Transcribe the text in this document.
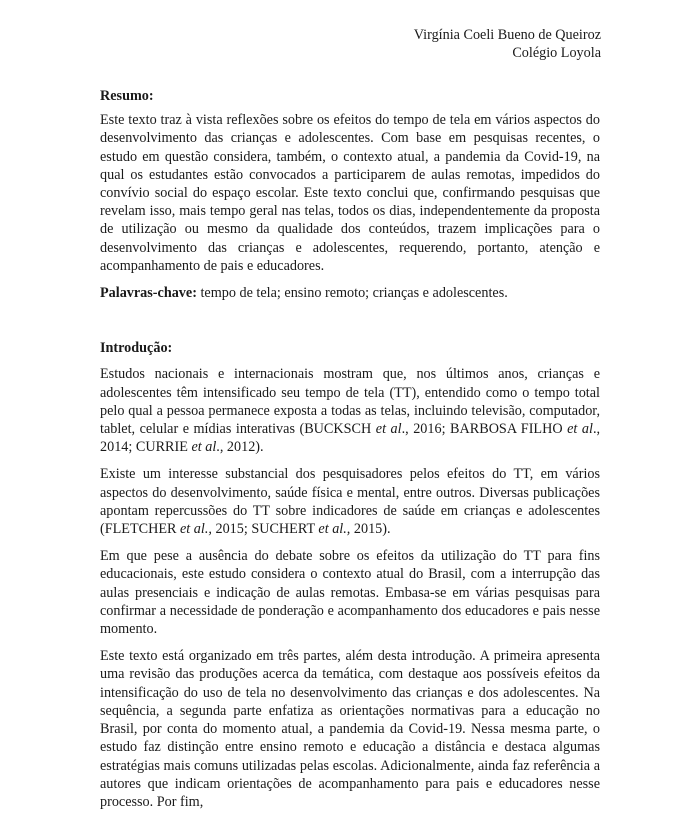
Virgínia Coeli Bueno de Queiroz
Colégio Loyola
Resumo:

Este texto traz à vista reflexões sobre os efeitos do tempo de tela em vários aspectos do desenvolvimento das crianças e adolescentes. Com base em pesquisas recentes, o estudo em questão considera, também, o contexto atual, a pandemia da Covid-19, na qual os estudantes estão convocados a participarem de aulas remotas, impedidos do convívio social do espaço escolar. Este texto conclui que, confirmando pesquisas que revelam isso, mais tempo geral nas telas, todos os dias, independentemente da proposta de utilização ou mesmo da qualidade dos conteúdos, trazem implicações para o desenvolvimento das crianças e adolescentes, requerendo, portanto, atenção e acompanhamento de pais e educadores.

Palavras-chave: tempo de tela; ensino remoto; crianças e adolescentes.

Introdução:

Estudos nacionais e internacionais mostram que, nos últimos anos, crianças e adolescentes têm intensificado seu tempo de tela (TT), entendido como o tempo total pelo qual a pessoa permanece exposta a todas as telas, incluindo televisão, computador, tablet, celular e mídias interativas (BUCKSCH et al., 2016; BARBOSA FILHO et al., 2014; CURRIE et al., 2012).

Existe um interesse substancial dos pesquisadores pelos efeitos do TT, em vários aspectos do desenvolvimento, saúde física e mental, entre outros. Diversas publicações apontam repercussões do TT sobre indicadores de saúde em crianças e adolescentes (FLETCHER et al., 2015; SUCHERT et al., 2015).

Em que pese a ausência do debate sobre os efeitos da utilização do TT para fins educacionais, este estudo considera o contexto atual do Brasil, com a interrupção das aulas presenciais e indicação de aulas remotas. Embasa-se em várias pesquisas para confirmar a necessidade de ponderação e acompanhamento dos educadores e pais nesse momento.

Este texto está organizado em três partes, além desta introdução. A primeira apresenta uma revisão das produções acerca da temática, com destaque aos possíveis efeitos da intensificação do uso de tela no desenvolvimento das crianças e dos adolescentes. Na sequência, a segunda parte enfatiza as orientações normativas para a educação no Brasil, por conta do momento atual, a pandemia da Covid-19. Nessa mesma parte, o estudo faz distinção entre ensino remoto e educação a distância e destaca algumas estratégias mais comuns utilizadas pelas escolas. Adicionalmente, ainda faz referência a autores que indicam orientações de acompanhamento para pais e educadores nesse processo. Por fim,
